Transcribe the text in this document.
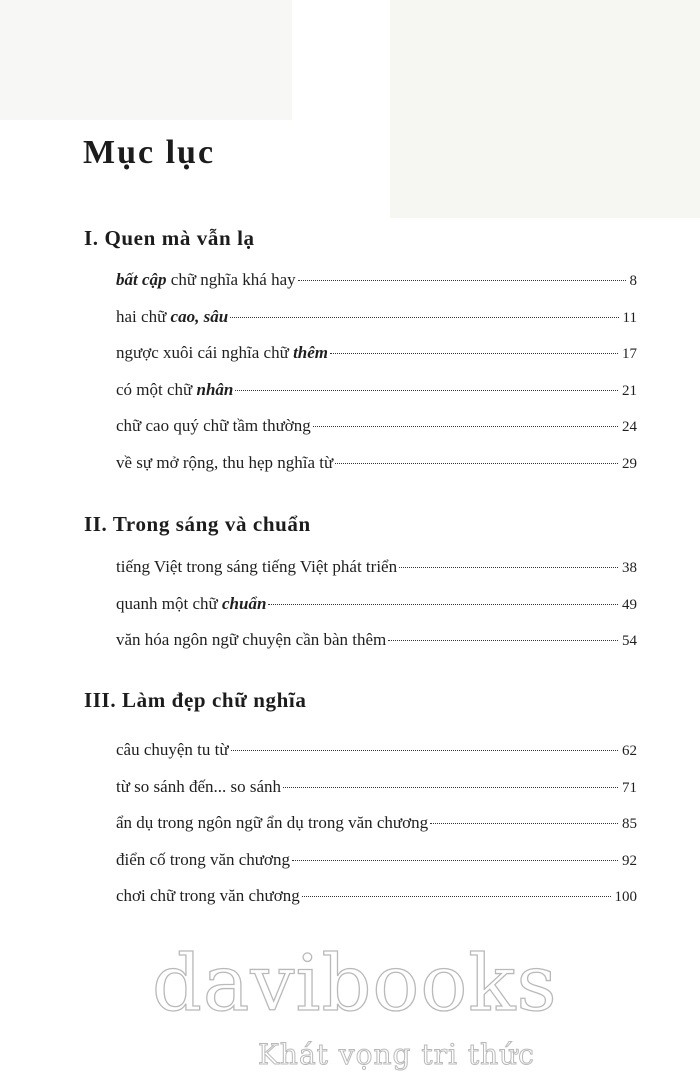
Mục lục
I. Quen mà vẫn lạ
bất cập chữ nghĩa khá hay	8
hai chữ cao, sâu	11
ngược xuôi cái nghĩa chữ thêm	17
có một chữ nhân	21
chữ cao quý chữ tầm thường	24
về sự mở rộng, thu hẹp nghĩa từ	29
II. Trong sáng và chuẩn
tiếng Việt trong sáng tiếng Việt phát triển	38
quanh một chữ chuẩn	49
văn hóa ngôn ngữ chuyện cần bàn thêm	54
III. Làm đẹp chữ nghĩa
câu chuyện tu từ	62
từ so sánh đến... so sánh	71
ẩn dụ trong ngôn ngữ ẩn dụ trong văn chương	85
điển cố trong văn chương	92
chơi chữ trong văn chương	100
davibooks
Khát vọng tri thức
